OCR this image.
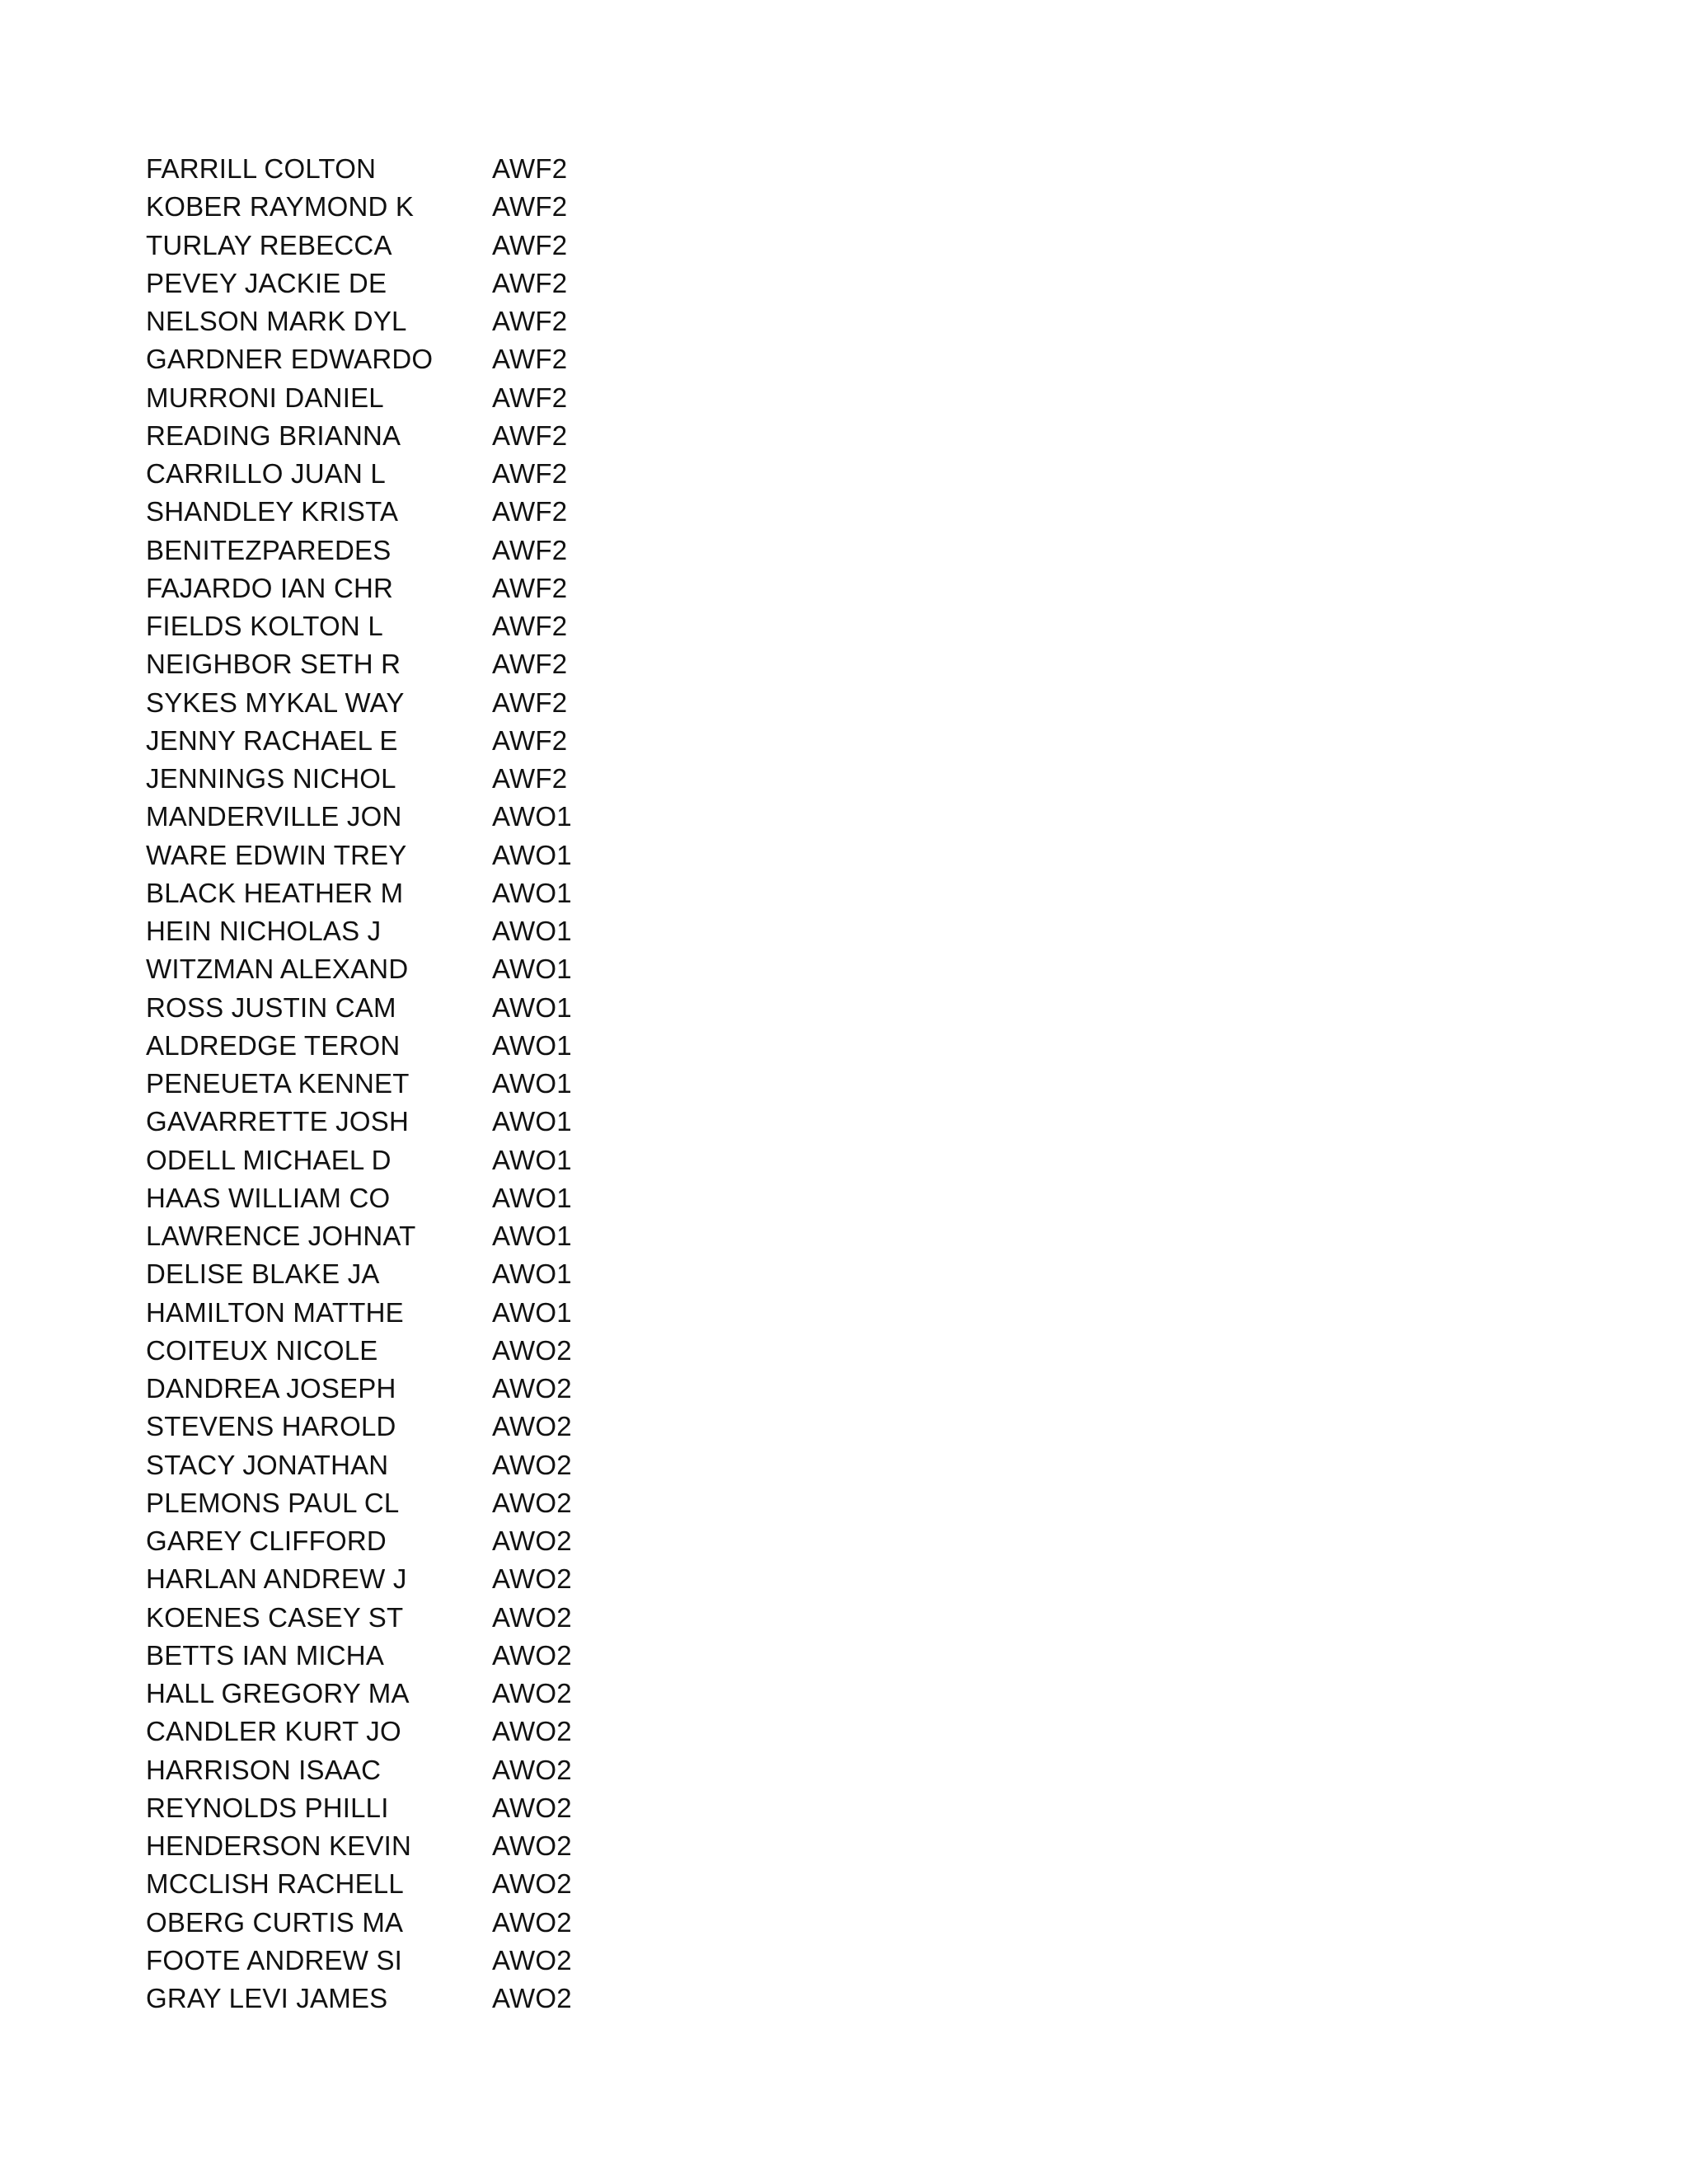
FARRILL COLTON	AWF2
KOBER RAYMOND K	AWF2
TURLAY REBECCA	AWF2
PEVEY JACKIE DE	AWF2
NELSON MARK DYL	AWF2
GARDNER EDWARDO	AWF2
MURRONI DANIEL	AWF2
READING BRIANNA	AWF2
CARRILLO JUAN L	AWF2
SHANDLEY KRISTA	AWF2
BENITEZPAREDES	AWF2
FAJARDO IAN CHR	AWF2
FIELDS KOLTON L	AWF2
NEIGHBOR SETH R	AWF2
SYKES MYKAL WAY	AWF2
JENNY RACHAEL E	AWF2
JENNINGS NICHOL	AWF2
MANDERVILLE JON	AWO1
WARE EDWIN TREY	AWO1
BLACK HEATHER M	AWO1
HEIN NICHOLAS J	AWO1
WITZMAN ALEXAND	AWO1
ROSS JUSTIN CAM	AWO1
ALDREDGE TERON	AWO1
PENEUETA KENNET	AWO1
GAVARRETTE JOSH	AWO1
ODELL MICHAEL D	AWO1
HAAS WILLIAM CO	AWO1
LAWRENCE JOHNAT	AWO1
DELISE BLAKE JA	AWO1
HAMILTON MATTHE	AWO1
COITEUX NICOLE	AWO2
DANDREA JOSEPH	AWO2
STEVENS HAROLD	AWO2
STACY JONATHAN	AWO2
PLEMONS PAUL CL	AWO2
GAREY CLIFFORD	AWO2
HARLAN ANDREW J	AWO2
KOENES CASEY ST	AWO2
BETTS IAN MICHA	AWO2
HALL GREGORY MA	AWO2
CANDLER KURT JO	AWO2
HARRISON ISAAC	AWO2
REYNOLDS PHILLI	AWO2
HENDERSON KEVIN	AWO2
MCCLISH RACHELL	AWO2
OBERG CURTIS MA	AWO2
FOOTE ANDREW SI	AWO2
GRAY LEVI JAMES	AWO2
